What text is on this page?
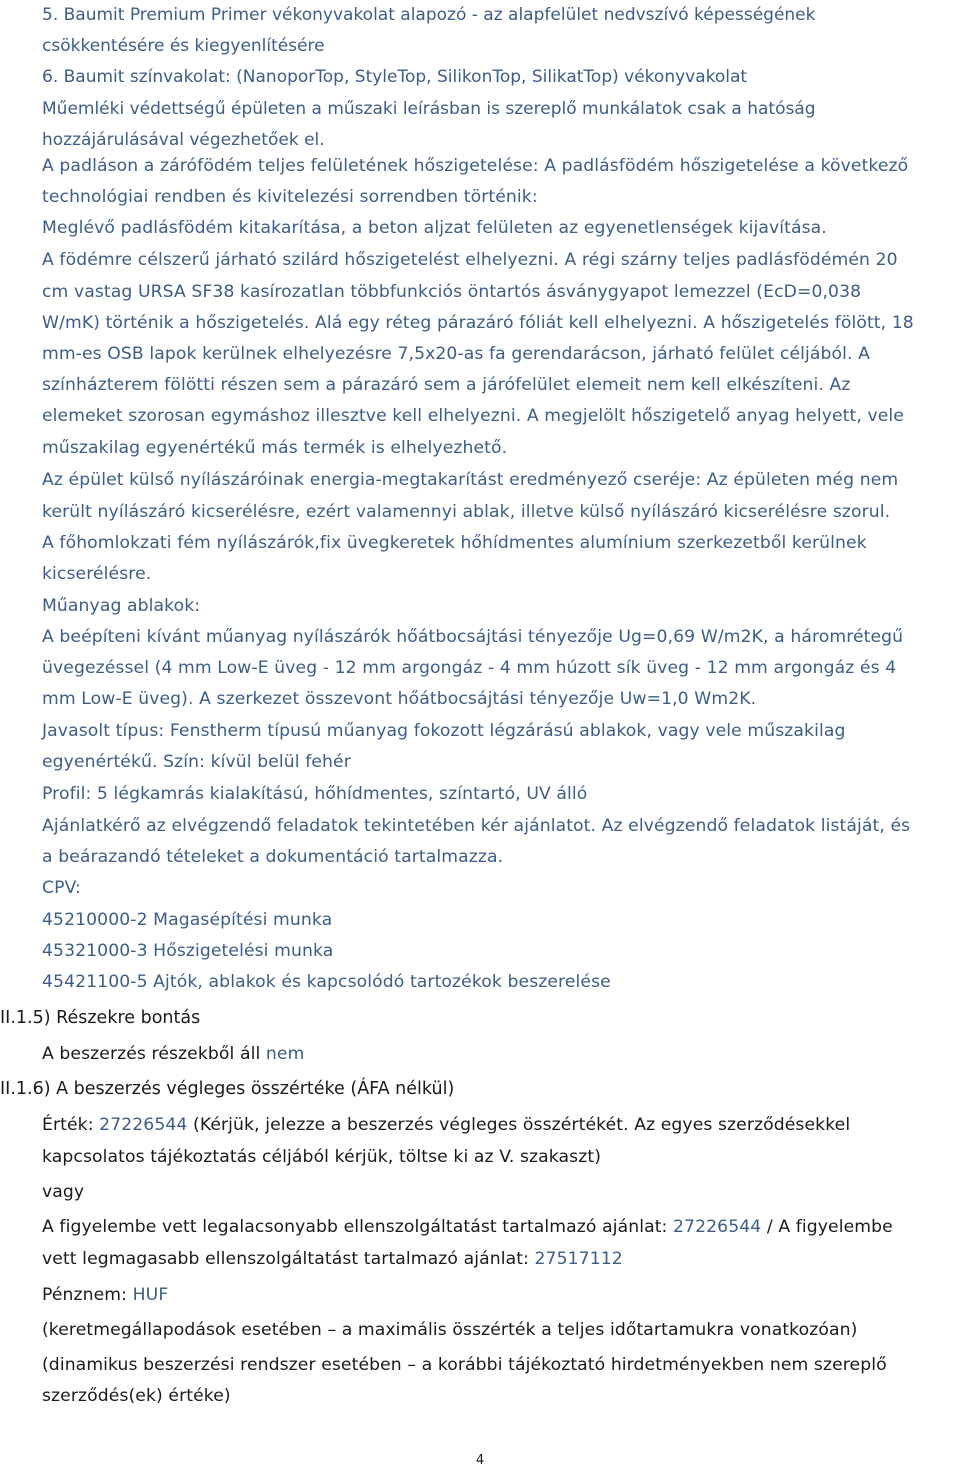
5. Baumit Premium Primer vékonyvakolat alapozó - az alapfelület nedvszívó képességének csökkentésére és kiegyenlítésére

6. Baumit színvakolat: (NanoporTop, StyleTop, SilikonTop, SilikatTop) vékonyvakolat

Műemléki védettségű épületen a műszaki leírásban is szereplő munkálatok csak a hatóság hozzájárulásával végezhetőek el.

A padláson a zárófödém teljes felületének hőszigetelése: A padlásfödém hőszigetelése a következő
technológiai rendben és kivitelezési sorrendben történik:
Meglévő padlásfödém kitakarítása, a beton aljzat felületen az egyenetlenségek kijavítása.
A födémre célszerű járható szilárd hőszigetelést elhelyezni. A régi szárny teljes padlásfödémén 20
cm vastag URSA SF38 kasírozatlan többfunkciós öntartós ásványgyapot lemezzel (EcD=0,038
W/mK) történik a hőszigetelés. Alá egy réteg párazáró fóliát kell elhelyezni. A hőszigetelés fölött, 18
mm-es OSB lapok kerülnek elhelyezésre 7,5x20-as fa gerendarácson, járható felület céljából. A
színházterem fölötti részen sem a párazáró sem a járófelület elemeit nem kell elkészíteni. Az
elemeket szorosan egymáshoz illesztve kell elhelyezni. A megjelölt hőszigetelő anyag helyett, vele
műszakilag egyenértékű más termék is elhelyezhető.
Az épület külső nyílászáróinak energia-megtakarítást eredményező cseréje: Az épületen még nem
került nyílászáró kicserélésre, ezért valamennyi ablak, illetve külső nyílászáró kicserélésre szorul.
A főhomlokzati fém nyílászárók,fix üvegkeretek hőhídmentes alumínium szerkezetből kerülnek
kicserélésre.
Műanyag ablakok:
A beépíteni kívánt műanyag nyílászárók hőátbocsájtási tényezője Ug=0,69 W/m2K, a háromrétegű
üvegezéssel (4 mm Low-E üveg - 12 mm argongáz - 4 mm húzott sík üveg - 12 mm argongáz és 4
mm Low-E üveg). A szerkezet összevont hőátbocsájtási tényezője Uw=1,0 Wm2K.
Javasolt típus: Fenstherm típusú műanyag fokozott légzárású ablakok, vagy vele műszakilag
egyenértékű. Szín: kívül belül fehér
Profil: 5 légkamrás kialakítású, hőhídmentes, színtartó, UV álló
Ajánlatkérő az elvégzendő feladatok tekintetében kér ajánlatot. Az elvégzendő feladatok listáját, és
a beárazandó tételeket a dokumentáció tartalmazza.
CPV:
45210000-2 Magasépítési munka
45321000-3 Hőszigetelési munka
45421100-5 Ajtók, ablakok és kapcsolódó tartozékok beszerelése
II.1.5) Részekre bontás
A beszerzés részekből áll nem
II.1.6) A beszerzés végleges összértéke (ÁFA nélkül)
Érték: 27226544 (Kérjük, jelezze a beszerzés végleges összértékét. Az egyes szerződésekkel
kapcsolatos tájékoztatás céljából kérjük, töltse ki az V. szakaszt)
vagy
A figyelembe vett legalacsonyabb ellenszolgáltatást tartalmazó ajánlat: 27226544 / A figyelembe
vett legmagasabb ellenszolgáltatást tartalmazó ajánlat: 27517112
Pénznem: HUF
(keretmegállapodások esetében – a maximális összérték a teljes időtartamukra vonatkozóan)
(dinamikus beszerzési rendszer esetében – a korábbi tájékoztató hirdetményekben nem szereplő
szerződés(ek) értéke)
4
